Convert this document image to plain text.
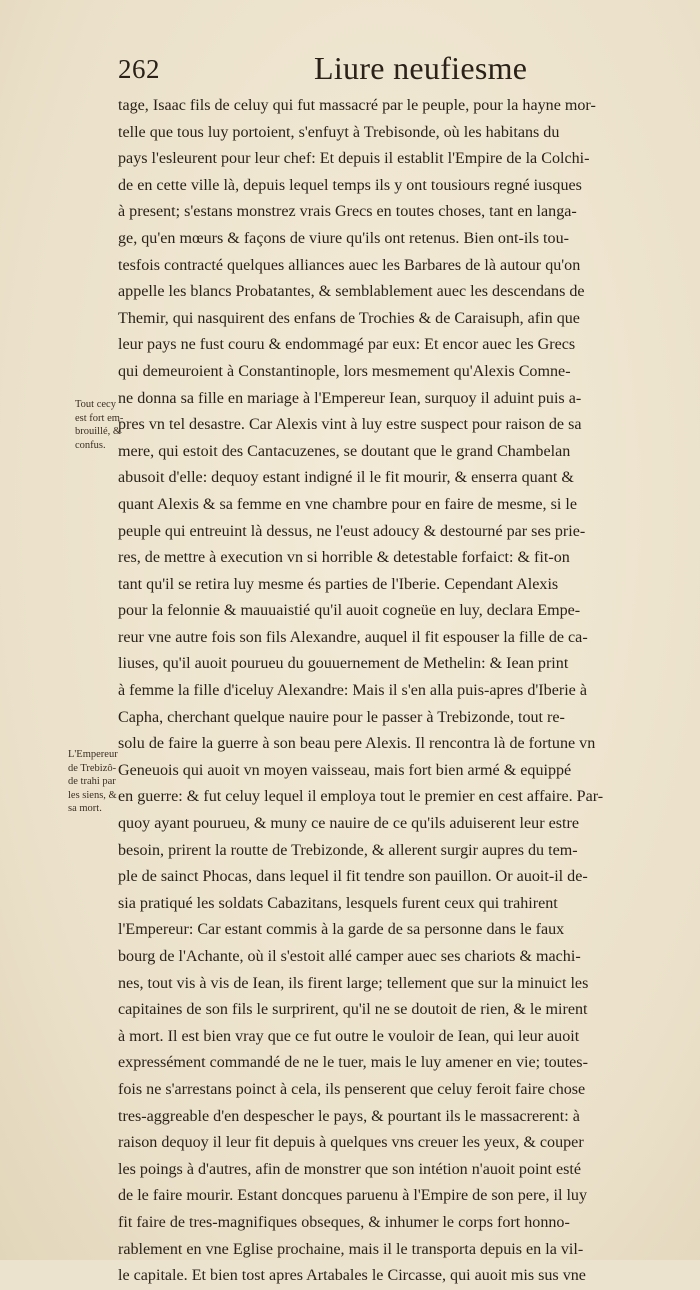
262	Liure neufiesme
tage, Isaac fils de celuy qui fut massacré par le peuple, pour la hayne mor-
telle que tous luy portoient, s'enfuyt à Trebisonde, où les habitans du
pays l'esleurent pour leur chef: Et depuis il establit l'Empire de la Colchi-
de en cette ville là, depuis lequel temps ils y ont tousiours regné iusques
à present; s'estans monstrez vrais Grecs en toutes choses, tant en langa-
ge, qu'en mœurs & façons de viure qu'ils ont retenus. Bien ont-ils tou-
tesfois contracté quelques alliances auec les Barbares de là autour qu'on
appelle les blancs Probatantes, & semblablement auec les descendans de
Themir, qui nasquirent des enfans de Trochies & de Caraisuph, afin que
leur pays ne fust couru & endommagé par eux: Et encor auec les Grecs
qui demeuroient à Constantinople, lors mesmement qu'Alexis Comne-
ne donna sa fille en mariage à l'Empereur Iean, surquoy il aduint puis a-
pres vn tel desastre. Car Alexis vint à luy estre suspect pour raison de sa
mere, qui estoit des Cantacuzenes, se doutant que le grand Chambelan
abusoit d'elle: dequoy estant indigné il le fit mourir, & enserra quant &
quant Alexis & sa femme en vne chambre pour en faire de mesme, si le
peuple qui entreuint là dessus, ne l'eust adoucy & destourné par ses prie-
res, de mettre à execution vn si horrible & detestable forfaict: & fit-on
tant qu'il se retira luy mesme és parties de l'Iberie. Cependant Alexis
pour la felonnie & mauuaistié qu'il auoit cogneüe en luy, declara Empe-
reur vne autre fois son fils Alexandre, auquel il fit espouser la fille de ca-
liuses, qu'il auoit pourueu du gouuernement de Methelin: & Iean print
à femme la fille d'iceluy Alexandre: Mais il s'en alla puis-apres d'Iberie à
Capha, cherchant quelque nauire pour le passer à Trebizonde, tout re-
solu de faire la guerre à son beau pere Alexis. Il rencontra là de fortune vn
Geneuois qui auoit vn moyen vaisseau, mais fort bien armé & equippé
en guerre: & fut celuy lequel il employa tout le premier en cest affaire. Par-
quoy ayant pourueu, & muny ce nauire de ce qu'ils aduiserent leur estre
besoin, prirent la routte de Trebizonde, & allerent surgir aupres du tem-
ple de sainct Phocas, dans lequel il fit tendre son pauillon. Or auoit-il de-
sia pratiqué les soldats Cabazitans, lesquels furent ceux qui trahirent
l'Empereur: Car estant commis à la garde de sa personne dans le faux
bourg de l'Achante, où il s'estoit allé camper auec ses chariots & machi-
nes, tout vis à vis de Iean, ils firent large; tellement que sur la minuict les
capitaines de son fils le surprirent, qu'il ne se doutoit de rien, & le mirent
à mort. Il est bien vray que ce fut outre le vouloir de Iean, qui leur auoit
expressément commandé de ne le tuer, mais le luy amener en vie; toutes-
fois ne s'arrestans poinct à cela, ils penserent que celuy feroit faire chose
tres-aggreable d'en despescher le pays, & pourtant ils le massacrerent: à
raison dequoy il leur fit depuis à quelques vns creuer les yeux, & couper
les poings à d'autres, afin de monstrer que son intétion n'auoit point esté
de le faire mourir. Estant doncques paruenu à l'Empire de son pere, il luy
fit faire de tres-magnifiques obseques, & inhumer le corps fort honno-
rablement en vne Eglise prochaine, mais il le transporta depuis en la vil-
le capitale. Et bien tost apres Artabales le Circasse, qui auoit mis sus vne
Tout cecy
est fort em-
brouillé, &
confus.
L'Empereur
de Trebizô-
de trahi par
les siens, &
sa mort.
